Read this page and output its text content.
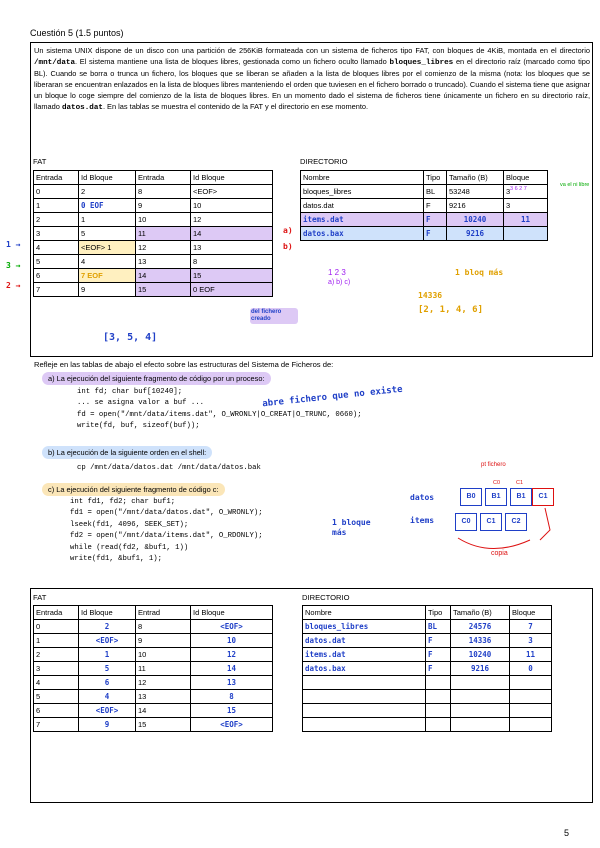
Cuestión 5 (1.5 puntos)
Un sistema UNIX dispone de un disco con una partición de 256KiB formateada con un sistema de ficheros tipo FAT, con bloques de 4KiB, montada en el directorio /mnt/data. El sistema mantiene una lista de bloques libres, gestionada como un fichero oculto llamado bloques_libres en el directorio raíz (marcado como tipo BL). Cuando se borra o trunca un fichero, los bloques que se liberan se añaden a la lista de bloques libres por el comienzo de la misma (nota: los bloques que se liberaran se encuentran enlazados en la lista de bloques libres manteniendo el orden que tuviesen en el fichero borrado o truncado). Cuando el sistema tiene que asignar un bloque lo coge siempre del comienzo de la lista de bloques libres. En un momento dado el sistema de ficheros tiene únicamente un fichero en su directorio raíz, llamado datos.dat. En las tablas se muestra el contenido de la FAT y el directorio en ese momento.
FAT
Entrada	Id Bloque	Entrada	Id Bloque
0	2	8	<EOF>
1	0 EOF	9	10
2	1	10	12
3	5	11	14
4	<EOF> 1	12	13
5	4	13	8
6	7 EOF	14	15
7	9	15	0 EOF
1 →
3 →
2 →
del fichero creado
[3, 5, 4]
DIRECTORIO
Nombre	Tipo	Tamaño (B)	Bloque
bloques_libres	BL	53248	3
datos.dat	F	9216	3
items.dat	F	10240	11
datos.bax	F	9216	
a)
b)
3 6 2 7
va el ni libre
1 2 3
a) b) c)
1 bloq más
14336
[2, 1, 4, 6]
Refleje en las tablas de abajo el efecto sobre las estructuras del Sistema de Ficheros de:
a) La ejecución del siguiente fragmento de código por un proceso:
int fd; char buf[10240];
... se asigna valor a buf ...
fd = open("/mnt/data/items.dat", O_WRONLY|O_CREAT|O_TRUNC, 0660);
write(fd, buf, sizeof(buf));
abre fichero que no existe
b) La ejecución de la siguiente orden en el shell:
cp /mnt/data/datos.dat /mnt/data/datos.bak
c) La ejecución del siguiente fragmento de código c:
int fd1, fd2; char buf1;
fd1 = open("/mnt/data/datos.dat", O_WRONLY);
lseek(fd1, 4096, SEEK_SET);
fd2 = open("/mnt/data/items.dat", O_RDONLY);
while (read(fd2, &buf1, 1))
write(fd1, &buf1, 1);
1 bloque más
pt fichero
datos
items
B0	B1	B1	C1
C0	C1
C0	C1	C2
copia
FAT
Entrada	Id Bloque	Entrad	Id Bloque
0	2	8	<EOF>
1	<EOF>	9	10
2	1	10	12
3	5	11	14
4	6	12	13
5	4	13	8
6	<EOF>	14	15
7	9	15	<EOF>
DIRECTORIO
Nombre	Tipo	Tamaño (B)	Bloque
bloques_libres	BL	24576	7
datos.dat	F	14336	3
items.dat	F	10240	11
datos.bax	F	9216	0

5
